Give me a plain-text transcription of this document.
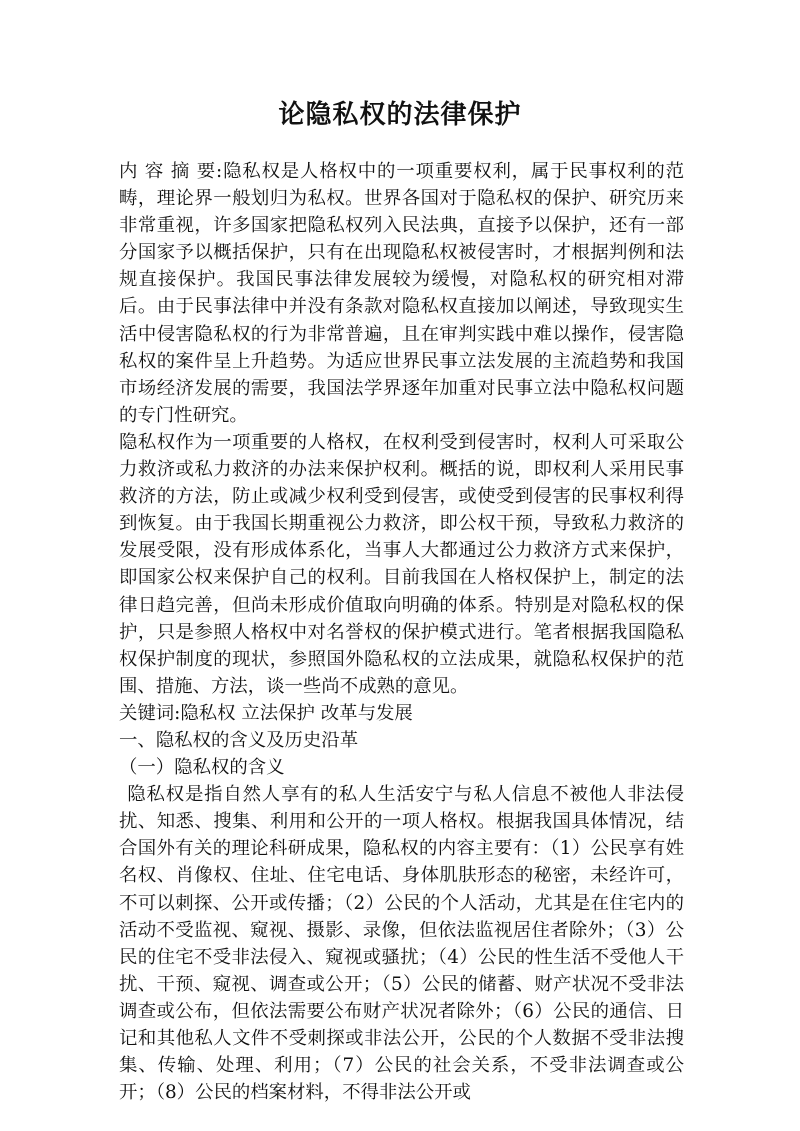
论隐私权的法律保护

内 容 摘 要:隐私权是人格权中的一项重要权利，属于民事权利的范畴，理论界一般划归为私权。世界各国对于隐私权的保护、研究历来非常重视，许多国家把隐私权列入民法典，直接予以保护，还有一部分国家予以概括保护，只有在出现隐私权被侵害时，才根据判例和法规直接保护。我国民事法律发展较为缓慢，对隐私权的研究相对滞后。由于民事法律中并没有条款对隐私权直接加以阐述，导致现实生活中侵害隐私权的行为非常普遍，且在审判实践中难以操作，侵害隐私权的案件呈上升趋势。为适应世界民事立法发展的主流趋势和我国市场经济发展的需要，我国法学界逐年加重对民事立法中隐私权问题的专门性研究。

隐私权作为一项重要的人格权，在权利受到侵害时，权利人可采取公力救济或私力救济的办法来保护权利。概括的说，即权利人采用民事救济的方法，防止或减少权利受到侵害，或使受到侵害的民事权利得到恢复。由于我国长期重视公力救济，即公权干预，导致私力救济的发展受限，没有形成体系化，当事人大都通过公力救济方式来保护，即国家公权来保护自己的权利。目前我国在人格权保护上，制定的法律日趋完善，但尚未形成价值取向明确的体系。特别是对隐私权的保护，只是参照人格权中对名誉权的保护模式进行。笔者根据我国隐私权保护制度的现状，参照国外隐私权的立法成果，就隐私权保护的范围、措施、方法，谈一些尚不成熟的意见。

关键词:隐私权 立法保护 改革与发展

一、隐私权的含义及历史沿革

（一）隐私权的含义

隐私权是指自然人享有的私人生活安宁与私人信息不被他人非法侵扰、知悉、搜集、利用和公开的一项人格权。根据我国具体情况，结合国外有关的理论科研成果，隐私权的内容主要有：（1）公民享有姓名权、肖像权、住址、住宅电话、身体肌肤形态的秘密，未经许可，不可以刺探、公开或传播；（2）公民的个人活动，尤其是在住宅内的活动不受监视、窥视、摄影、录像，但依法监视居住者除外；（3）公民的住宅不受非法侵入、窥视或骚扰；（4）公民的性生活不受他人干扰、干预、窥视、调查或公开；（5）公民的储蓄、财产状况不受非法调查或公布，但依法需要公布财产状况者除外；（6）公民的通信、日记和其他私人文件不受刺探或非法公开，公民的个人数据不受非法搜集、传输、处理、利用；（7）公民的社会关系，不受非法调查或公开；（8）公民的档案材料，不得非法公开或
